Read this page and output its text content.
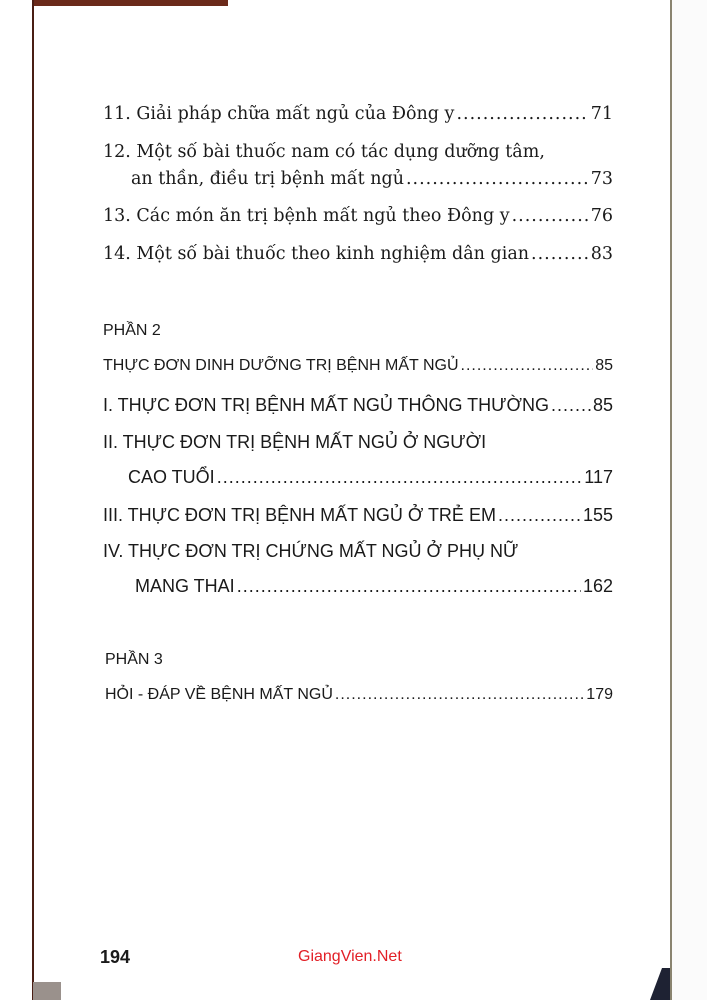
11. Giải pháp chữa mất ngủ của Đông y .....	71
12. Một số bài thuốc nam có tác dụng dưỡng tâm,
an thần, điều trị bệnh mất ngủ .....	73
13. Các món ăn trị bệnh mất ngủ theo Đông y .....	76
14. Một số bài thuốc theo kinh nghiệm dân gian .....	83
PHẦN 2
THỰC ĐƠN DINH DƯỠNG TRỊ BỆNH MẤT NGỦ .....	85
I. THỰC ĐƠN TRỊ BỆNH MẤT NGỦ THÔNG THƯỜNG ..... 85
II. THỰC ĐƠN TRỊ BỆNH MẤT NGỦ Ở NGƯỜI
CAO TUỔI .....	117
III. THỰC ĐƠN TRỊ BỆNH MẤT NGỦ Ở TRẺ EM .....	155
IV. THỰC ĐƠN TRỊ CHỨNG MẤT NGỦ Ở PHỤ NỮ
MANG THAI .....	162
PHẦN 3
HỎI - ĐÁP VỀ BỆNH MẤT NGỦ .....	179
194	GiangVien.Net
